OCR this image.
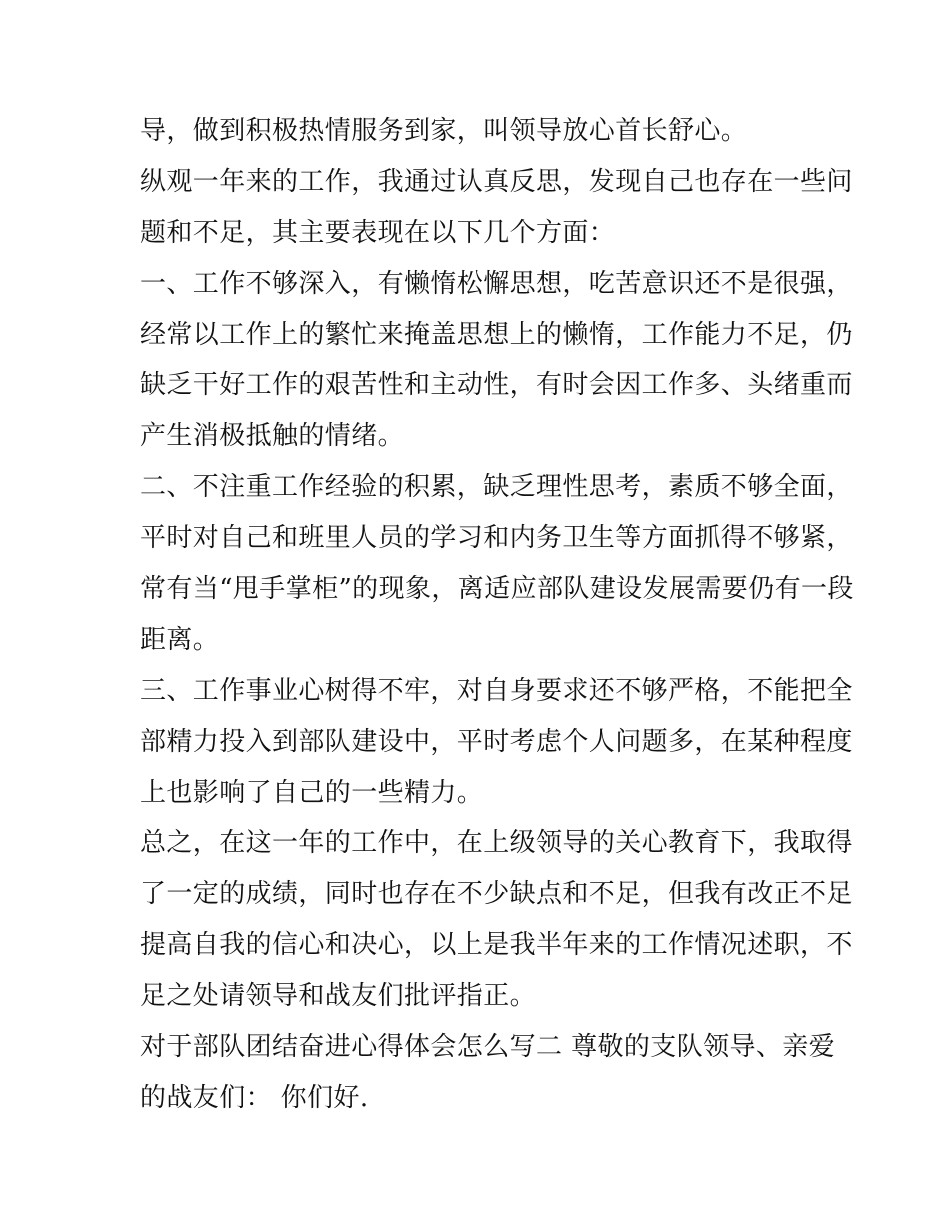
导，做到积极热情服务到家，叫领导放心首长舒心。
纵观一年来的工作，我通过认真反思，发现自己也存在一些问
题和不足，其主要表现在以下几个方面：
一、工作不够深入，有懒惰松懈思想，吃苦意识还不是很强，
经常以工作上的繁忙来掩盖思想上的懒惰，工作能力不足，仍
缺乏干好工作的艰苦性和主动性，有时会因工作多、头绪重而
产生消极抵触的情绪。
二、不注重工作经验的积累，缺乏理性思考，素质不够全面，
平时对自己和班里人员的学习和内务卫生等方面抓得不够紧，
常有当“甩手掌柜”的现象，离适应部队建设发展需要仍有一段
距离。
三、工作事业心树得不牢，对自身要求还不够严格，不能把全
部精力投入到部队建设中，平时考虑个人问题多，在某种程度
上也影响了自己的一些精力。
总之，在这一年的工作中，在上级领导的关心教育下，我取得
了一定的成绩，同时也存在不少缺点和不足，但我有改正不足
提高自我的信心和决心，以上是我半年来的工作情况述职，不
足之处请领导和战友们批评指正。
对于部队团结奋进心得体会怎么写二 尊敬的支队领导、亲爱
的战友们： 你们好.
